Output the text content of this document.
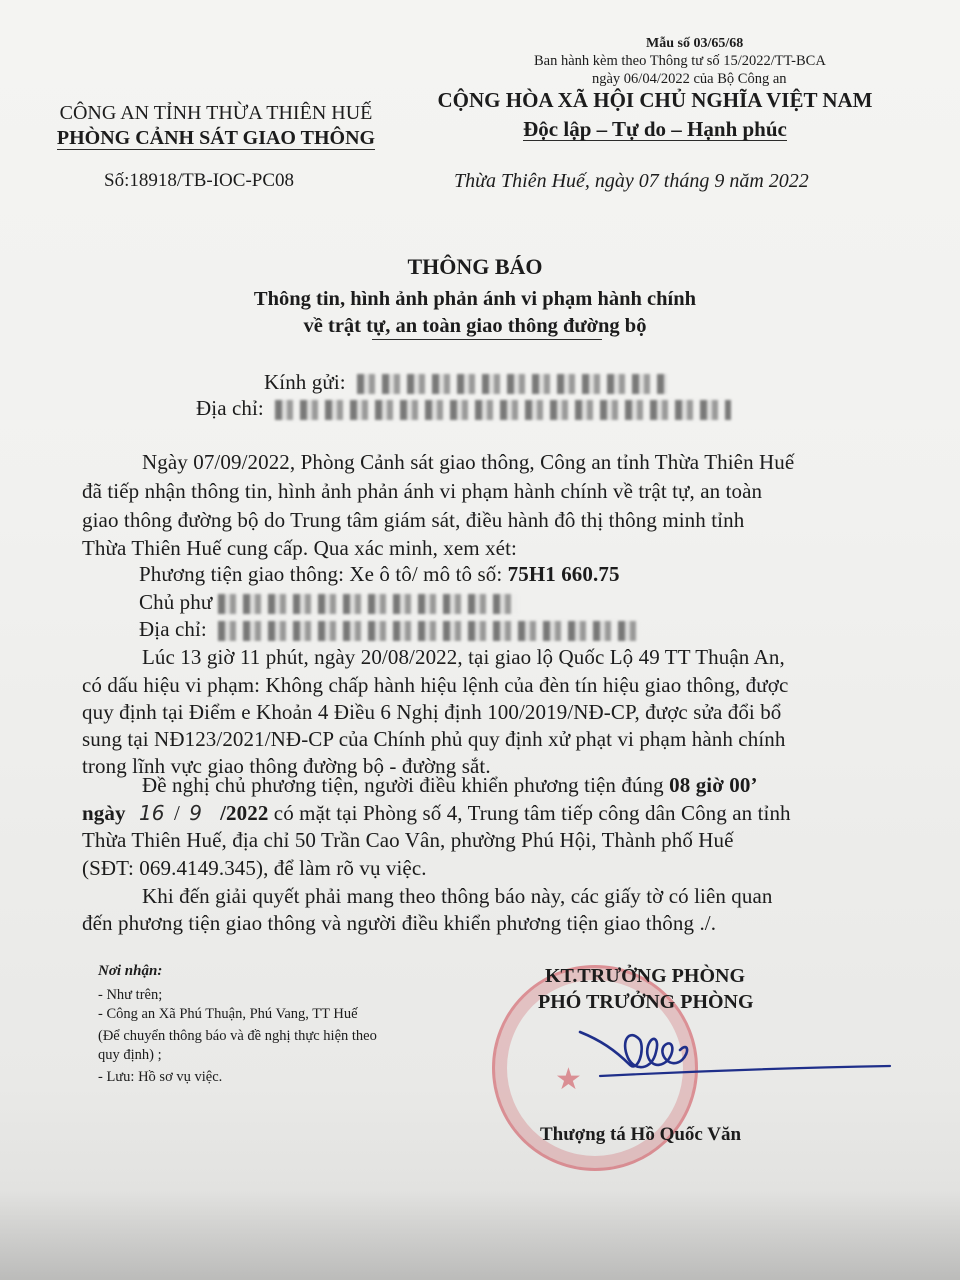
Mẫu số 03/65/68
Ban hành kèm theo Thông tư số 15/2022/TT-BCA
ngày 06/04/2022 của Bộ Công an
CÔNG AN TỈNH THỪA THIÊN HUẾ
PHÒNG CẢNH SÁT GIAO THÔNG
CỘNG HÒA XÃ HỘI CHỦ NGHĨA VIỆT NAM
Độc lập – Tự do – Hạnh phúc
Số:18918/TB-IOC-PC08	Thừa Thiên Huế, ngày 07 tháng 9 năm 2022
THÔNG BÁO
Thông tin, hình ảnh phản ánh vi phạm hành chính
về trật tự, an toàn giao thông đường bộ
Kính gửi:
Địa chỉ:
Ngày 07/09/2022, Phòng Cảnh sát giao thông, Công an tỉnh Thừa Thiên Huế
đã tiếp nhận thông tin, hình ảnh phản ánh vi phạm hành chính về trật tự, an toàn
giao thông đường bộ do Trung tâm giám sát, điều hành đô thị thông minh tỉnh
Thừa Thiên Huế cung cấp. Qua xác minh, xem xét:
Phương tiện giao thông: Xe ô tô/ mô tô số: 75H1 660.75
Chủ phư
Địa chỉ:
Lúc 13 giờ 11 phút, ngày 20/08/2022, tại giao lộ Quốc Lộ 49 TT Thuận An,
có dấu hiệu vi phạm: Không chấp hành hiệu lệnh của đèn tín hiệu giao thông, được
quy định tại Điểm e Khoản 4 Điều 6 Nghị định 100/2019/NĐ-CP, được sửa đổi bổ
sung tại NĐ123/2021/NĐ-CP của Chính phủ quy định xử phạt vi phạm hành chính
trong lĩnh vực giao thông đường bộ - đường sắt.
Đề nghị chủ phương tiện, người điều khiển phương tiện đúng 08 giờ 00’
ngày 16 / 9 /2022 có mặt tại Phòng số 4, Trung tâm tiếp công dân Công an tỉnh
Thừa Thiên Huế, địa chỉ 50 Trần Cao Vân, phường Phú Hội, Thành phố Huế
(SĐT: 069.4149.345), để làm rõ vụ việc.
Khi đến giải quyết phải mang theo thông báo này, các giấy tờ có liên quan
đến phương tiện giao thông và người điều khiển phương tiện giao thông ./.
Nơi nhận:
- Như trên;
- Công an Xã Phú Thuận, Phú Vang, TT Huế
(Để chuyển thông báo và đề nghị thực hiện theo
quy định) ;
- Lưu: Hồ sơ vụ việc.	★
KT.TRƯỞNG PHÒNG
PHÓ TRƯỞNG PHÒNG
Thượng tá Hồ Quốc Văn
